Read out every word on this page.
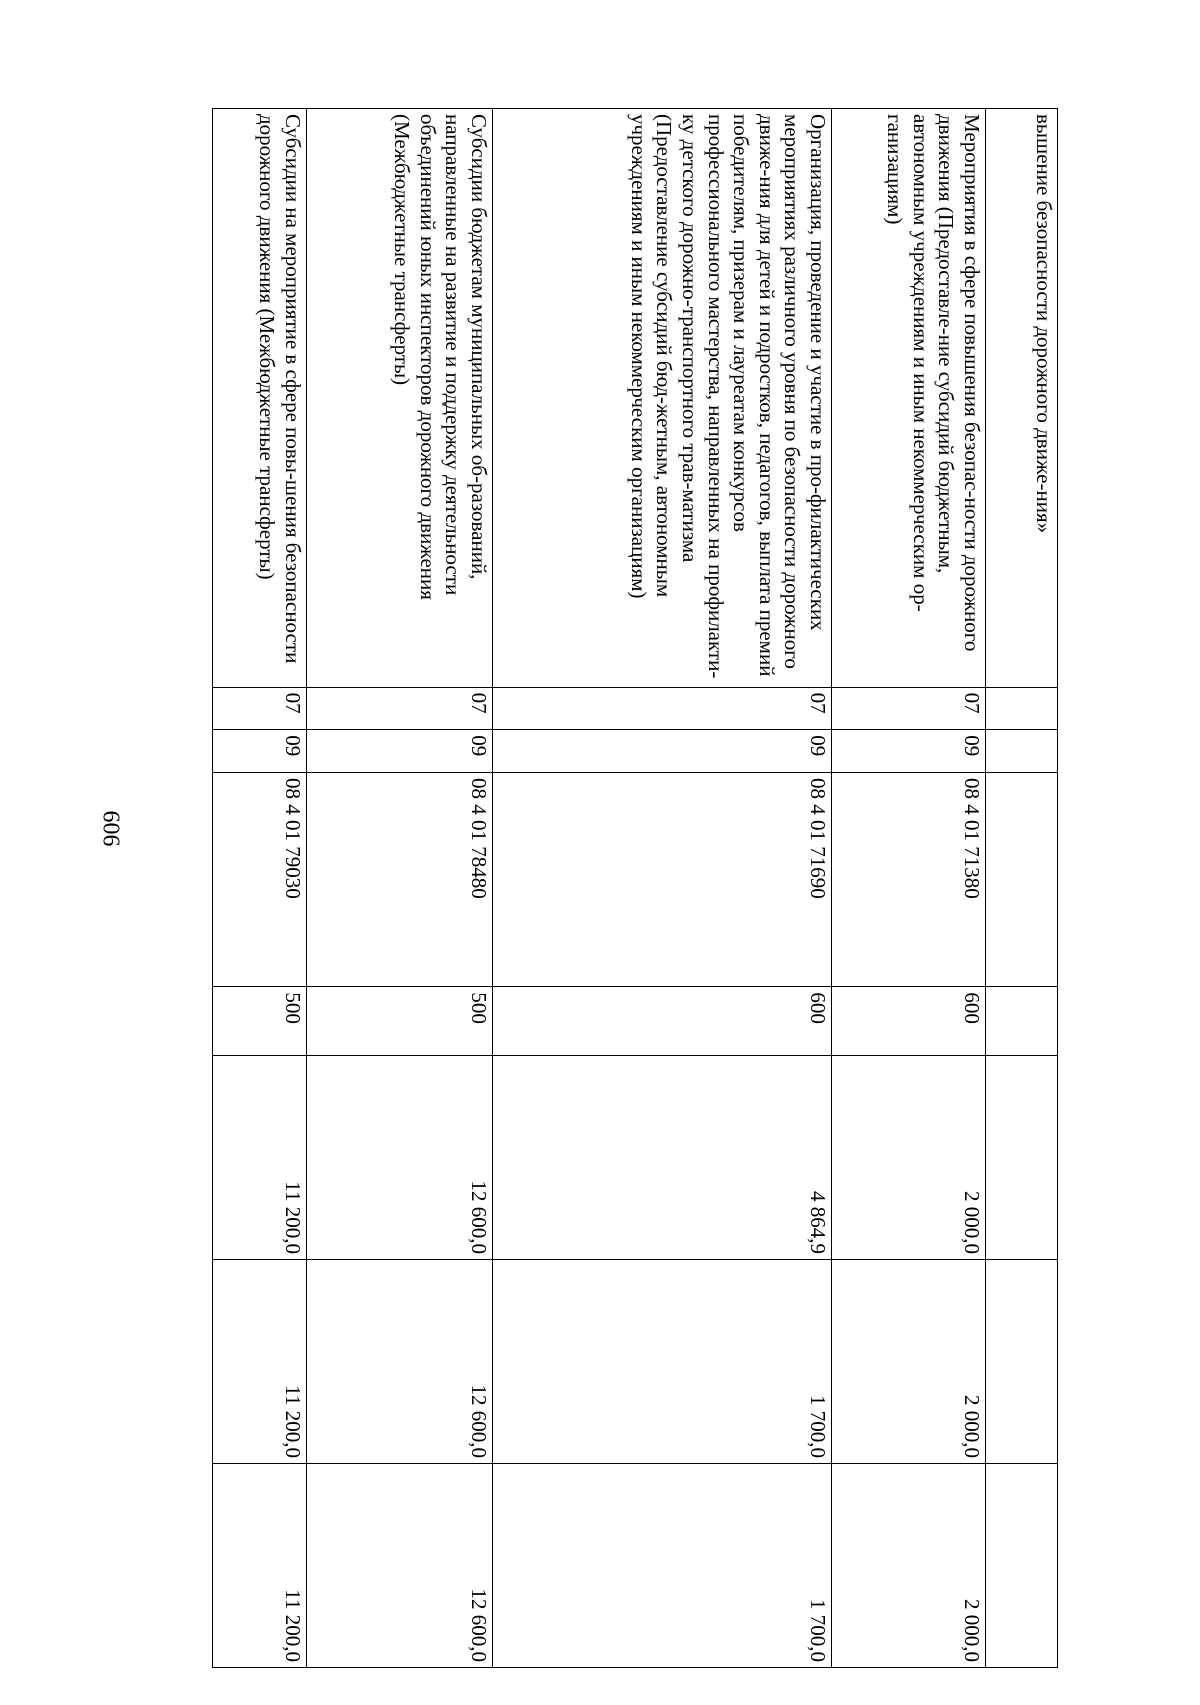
606
вышение безопасности дорожного движе-ния»							
Мероприятия в сфере повышения безопас-ности дорожного движения (Предоставле-ние субсидий бюджетным, автономным учреждениям и иным некоммерческим ор-ганизациям)	07	09	08 4 01 71380	600	2 000,0	2 000,0	2 000,0
Организация, проведение и участие в про-филактических мероприятиях различного уровня по безопасности дорожного движе-ния для детей и подростков, педагогов, выплата премий победителям, призерам и лауреатам конкурсов профессионального мастерства, направленных на профилакти-ку детского дорожно-транспортного трав-матизма (Предоставление субсидий бюд-жетным, автономным учреждениям и иным некоммерческим организациям)	07	09	08 4 01 71690	600	4 864,9	1 700,0	1 700,0
Субсидии бюджетам муниципальных об-разований, направленные на развитие и поддержку деятельности объединений юных инспекторов дорожного движения (Межбюджетные трансферты)	07	09	08 4 01 78480	500	12 600,0	12 600,0	12 600,0
Субсидии на мероприятие в сфере повы-шения безопасности дорожного движения (Межбюджетные трансферты)	07	09	08 4 01 79030	500	11 200,0	11 200,0	11 200,0
